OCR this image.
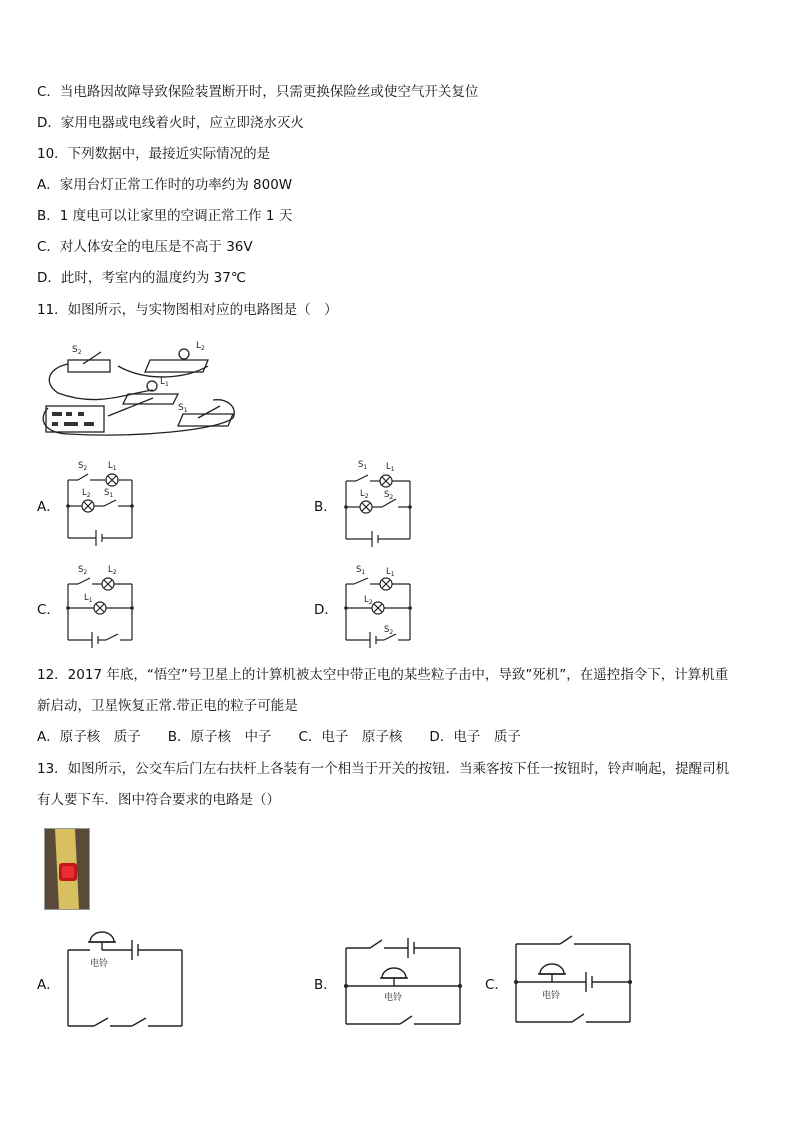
C．当电路因故障导致保险装置断开时，只需更换保险丝或使空气开关复位
D．家用电器或电线着火时，应立即浇水灭火
10．下列数据中，最接近实际情况的是
A．家用台灯正常工作时的功率约为 800W
B．1 度电可以让家里的空调正常工作 1 天
C．对人体安全的电压是不高于 36V
D．此时，考室内的温度约为 37℃
11．如图所示，与实物图相对应的电路图是（　）
$S_2$
$L_2$
$L_1$
$S_1$
A．	B．
C．	D．
$S_2$ $L_1$
$L_2$ $S_1$
$S_1$ $L_1$
$L_2$ $S_2$
$S_2$ $L_2$
$L_1$
$S_1$ $L_1$
$L_2$
$S_2$
12．2017 年底，“悟空”号卫星上的计算机被太空中带正电的某些粒子击中，导致”死机”，在遥控指令下，计算机重
新启动，卫星恢复正常.带正电的粒子可能是
A．原子核　质子　　B．原子核　中子　　C．电子　原子核　　D．电子　质子
13．如图所示，公交车后门左右扶杆上各装有一个相当于开关的按钮．当乘客按下任一按钮时，铃声响起，提醒司机
有人要下车．图中符合要求的电路是（）
A．	B．	C．
电铃
电铃	电铃
